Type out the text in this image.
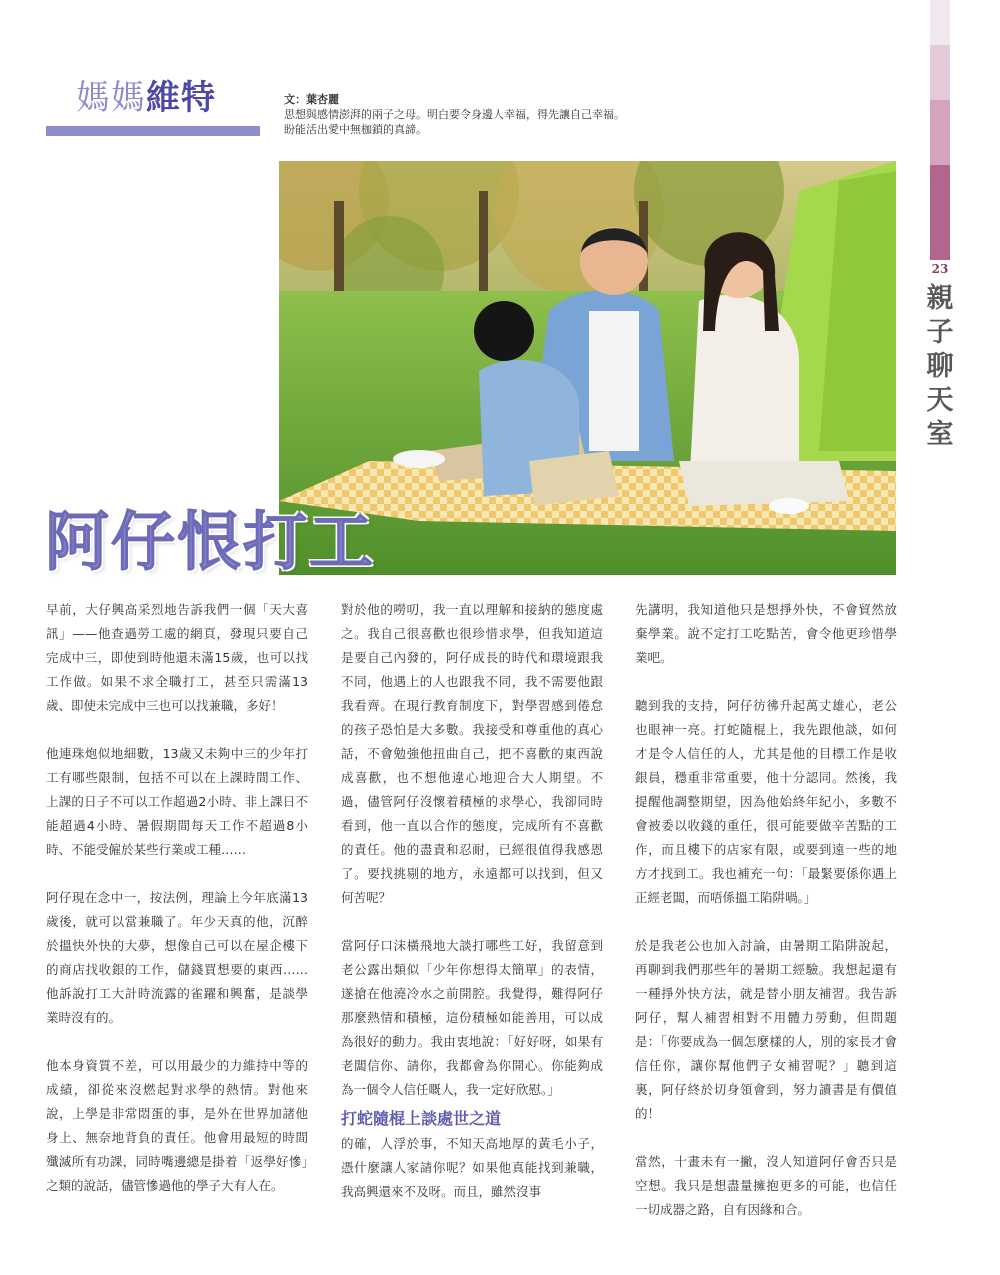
23
親
子
聊
天
室
媽媽維特	文：葉杏麗
思想與感情澎湃的兩子之母。明白要令身邊人幸福，得先讓自己幸福。
盼能活出愛中無枷鎖的真諦。
阿仔恨打工

早前，大仔興高采烈地告訴我們一個「天大喜訊」——他查過勞工處的網頁，發現只要自己完成中三，即使到時他還未滿15歲，也可以找工作做。如果不求全職打工，甚至只需滿13歲、即使未完成中三也可以找兼職，多好！

他連珠炮似地細數，13歲又未夠中三的少年打工有哪些限制，包括不可以在上課時間工作、上課的日子不可以工作超過2小時、非上課日不能超過4小時、暑假期間每天工作不超過8小時、不能受僱於某些行業或工種……

阿仔現在念中一，按法例，理論上今年底滿13歲後，就可以當兼職了。年少天真的他，沉醉於搵快外快的大夢，想像自己可以在屋企樓下的商店找收銀的工作，儲錢買想要的東西……他訴說打工大計時流露的雀躍和興奮，是談學業時沒有的。

他本身資質不差，可以用最少的力維持中等的成績，卻從來沒燃起對求學的熱情。對他來說，上學是非常悶蛋的事，是外在世界加諸他身上、無奈地背負的責任。他會用最短的時間殲滅所有功課，同時嘴邊總是掛着「返學好慘」之類的說話，儘管慘過他的學子大有人在。

對於他的嘮叨，我一直以理解和接納的態度處之。我自己很喜歡也很珍惜求學，但我知道這是要自己內發的，阿仔成長的時代和環境跟我不同，他遇上的人也跟我不同，我不需要他跟我看齊。在現行教育制度下，對學習感到倦怠的孩子恐怕是大多數。我接受和尊重他的真心話，不會勉強他扭曲自己，把不喜歡的東西說成喜歡，也不想他違心地迎合大人期望。不過，儘管阿仔沒懷着積極的求學心，我卻同時看到，他一直以合作的態度，完成所有不喜歡的責任。他的盡責和忍耐，已經很值得我感恩了。要找挑剔的地方，永遠都可以找到，但又何苦呢？

當阿仔口沫橫飛地大談打哪些工好，我留意到老公露出類似「少年你想得太簡單」的表情，遂搶在他澆冷水之前開腔。我覺得，難得阿仔那麼熱情和積極，這份積極如能善用，可以成為很好的動力。我由衷地說：「好好呀，如果有老闆信你、請你，我都會為你開心。你能夠成為一個令人信任嘅人，我一定好欣慰。」

打蛇隨棍上談處世之道

的確，人浮於事，不知天高地厚的黃毛小子，憑什麼讓人家請你呢？如果他真能找到兼職，我高興還來不及呀。而且，雖然沒事

先講明，我知道他只是想掙外快，不會貿然放棄學業。說不定打工吃點苦，會令他更珍惜學業吧。

聽到我的支持，阿仔彷彿升起萬丈雄心，老公也眼神一亮。打蛇隨棍上，我先跟他談，如何才是令人信任的人，尤其是他的目標工作是收銀員，穩重非常重要，他十分認同。然後，我提醒他調整期望，因為他始終年紀小，多數不會被委以收錢的重任，很可能要做辛苦點的工作，而且樓下的店家有限，或要到遠一些的地方才找到工。我也補充一句：「最緊要係你遇上正經老闆，而唔係搵工陷阱喎。」

於是我老公也加入討論，由暑期工陷阱說起，再聊到我們那些年的暑期工經驗。我想起還有一種掙外快方法，就是替小朋友補習。我告訴阿仔，幫人補習相對不用體力勞動，但問題是：「你要成為一個怎麼樣的人，別的家長才會信任你，讓你幫他們子女補習呢？」聽到這裏，阿仔終於切身領會到，努力讀書是有價值的！

當然，十畫未有一撇，沒人知道阿仔會否只是空想。我只是想盡量擁抱更多的可能，也信任一切成器之路，自有因緣和合。
